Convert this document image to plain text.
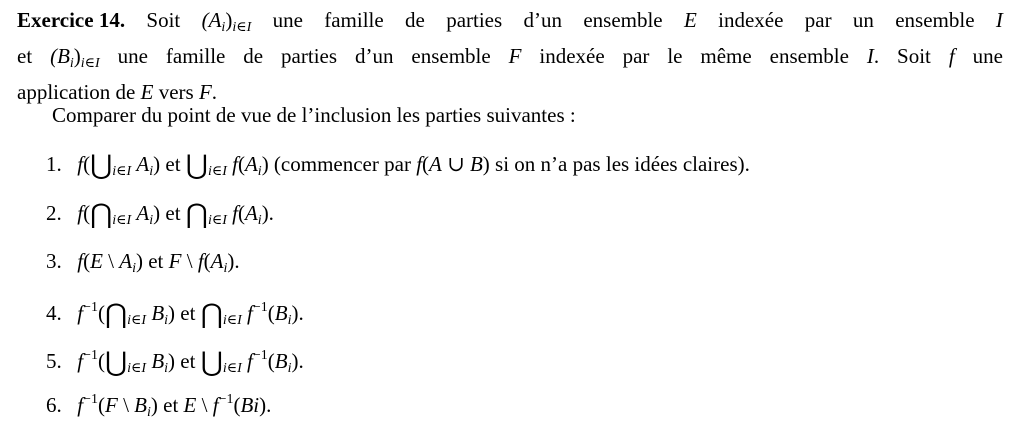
Exercice 14. Soit $(A_i)_{i\in I}$ une famille de parties d’un ensemble E indexée par un ensemble I
et $(B_i)_{i\in I}$ une famille de parties d’un ensemble F indexée par le même ensemble I. Soit f une
application de E vers F.
Comparer du point de vue de l’inclusion les parties suivantes :
1. $f(⋃_{i\in I}$ $A_i$) et $⋃_{i\in I}$ $f(A_i)$ (commencer par f(A ∪ B) si on n’a pas les idées claires).
2. $f(⋂_{i\in I}$ $A_i$) et $⋂_{i\in I}$ $f(A_i)$.
3. f(E \ $A_i$) et F \ $f(A_i)$.
4. $f^{-1}(⋂_{i\in I}$ $B_i$) et $⋂_{i\in I}$ $f^{-1}(B_i)$.
5. $f^{-1}(⋃_{i\in I}$ $B_i$) et $⋃_{i\in I}$ $f^{-1}(B_i)$.
6. $f^{-1}(F$ \ $B_i$) et E \ $f^{-1}(Bi)$.
